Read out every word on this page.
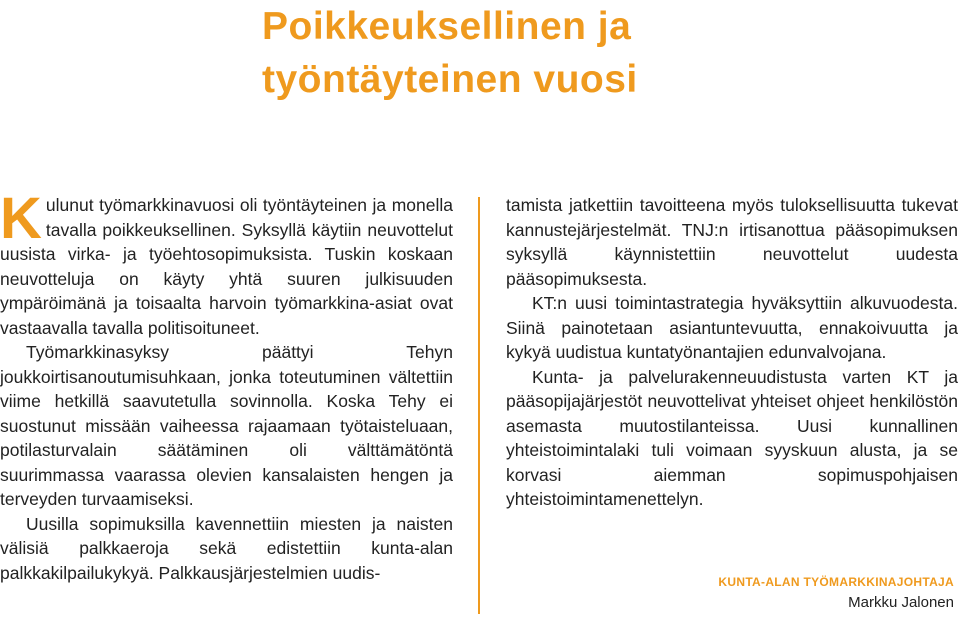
Poikkeuksellinen ja
työntäyteinen vuosi

Kulunut työmarkkinavuosi oli työntäyteinen ja monella tavalla poikkeuksellinen. Syksyllä käytiin neuvottelut uusista virka- ja työehtosopimuksista. Tuskin koskaan neuvotteluja on käyty yhtä suuren julkisuuden ympäröimänä ja toisaalta harvoin työmarkkina-asiat ovat vastaavalla tavalla politisoituneet.

Työmarkkinasyksy päättyi Tehyn joukkoirtisanoutumisuhkaan, jonka toteutuminen vältettiin viime hetkillä saavutetulla sovinnolla. Koska Tehy ei suostunut missään vaiheessa rajaamaan työtaisteluaan, potilasturvalain säätäminen oli välttämätöntä suurimmassa vaarassa olevien kansalaisten hengen ja terveyden turvaamiseksi.

Uusilla sopimuksilla kavennettiin miesten ja naisten välisiä palkkaeroja sekä edistettiin kunta-alan palkkakilpailukykyä. Palkkausjärjestelmien uudis-

tamista jatkettiin tavoitteena myös tuloksellisuutta tukevat kannustejärjestelmät. TNJ:n irtisanottua pääsopimuksen syksyllä käynnistettiin neuvottelut uudesta pääsopimuksesta.

KT:n uusi toimintastrategia hyväksyttiin alkuvuodesta. Siinä painotetaan asiantuntevuutta, ennakoivuutta ja kykyä uudistua kuntatyönantajien edunvalvojana.

Kunta- ja palvelurakenneuudistusta varten KT ja pääsopijajärjestöt neuvottelivat yhteiset ohjeet henkilöstön asemasta muutostilanteissa. Uusi kunnallinen yhteistoimintalaki tuli voimaan syyskuun alusta, ja se korvasi aiemman sopimuspohjaisen yhteistoimintamenettelyn.

KUNTA-ALAN TYÖMARKKINAJOHTAJA
Markku Jalonen
